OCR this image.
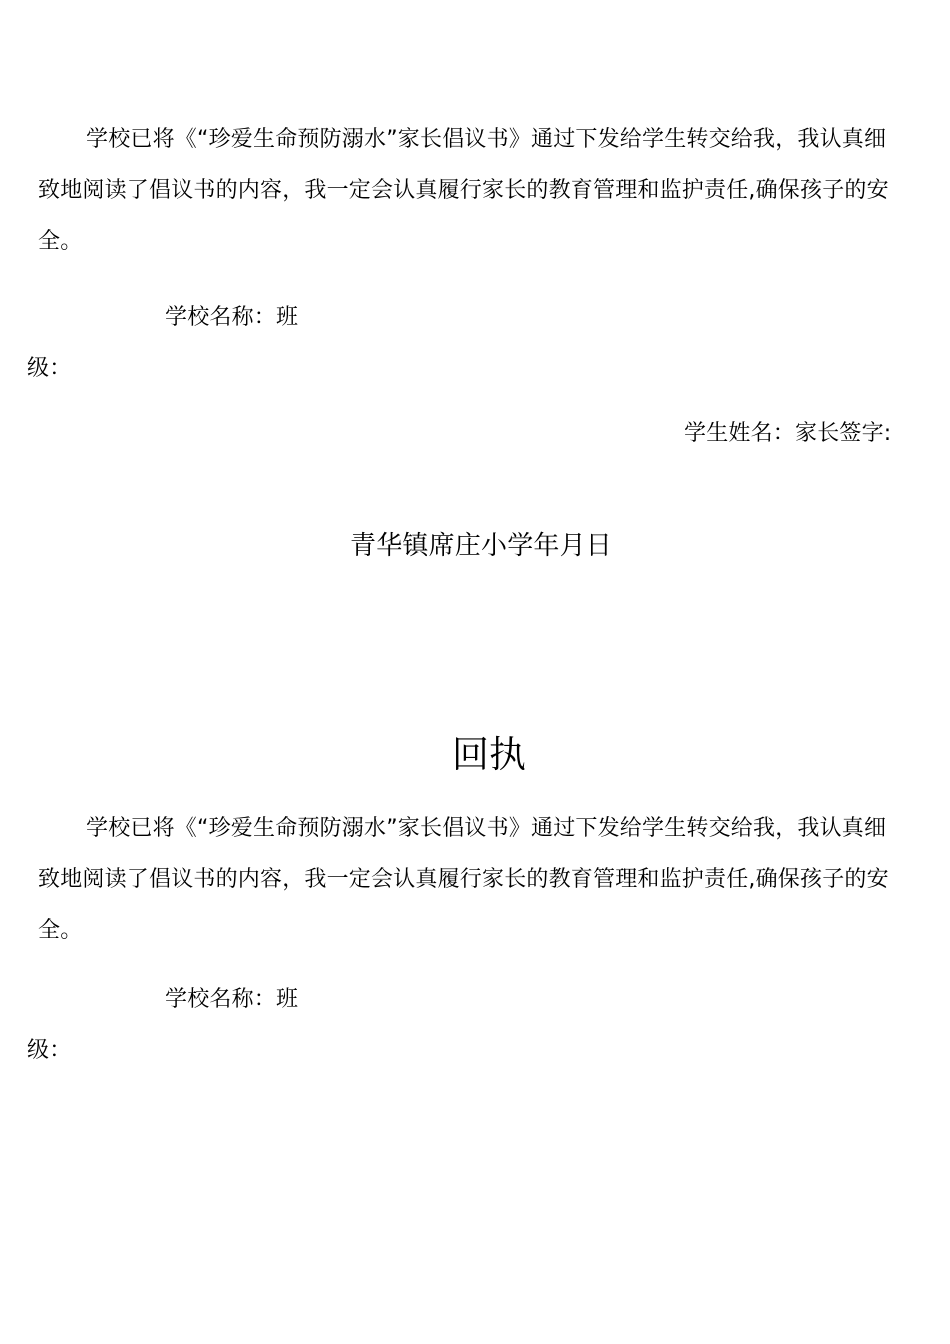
学校已将《“珍爱生命预防溺水”家长倡议书》通过下发给学生转交给我，我认真细
致地阅读了倡议书的内容，我一定会认真履行家长的教育管理和监护责任,确保孩子的安
全。
学校名称：班
级：
学生姓名：家长签字:
青华镇席庄小学年月日
回执
学校已将《“珍爱生命预防溺水”家长倡议书》通过下发给学生转交给我，我认真细
致地阅读了倡议书的内容，我一定会认真履行家长的教育管理和监护责任,确保孩子的安
全。
学校名称：班
级：
